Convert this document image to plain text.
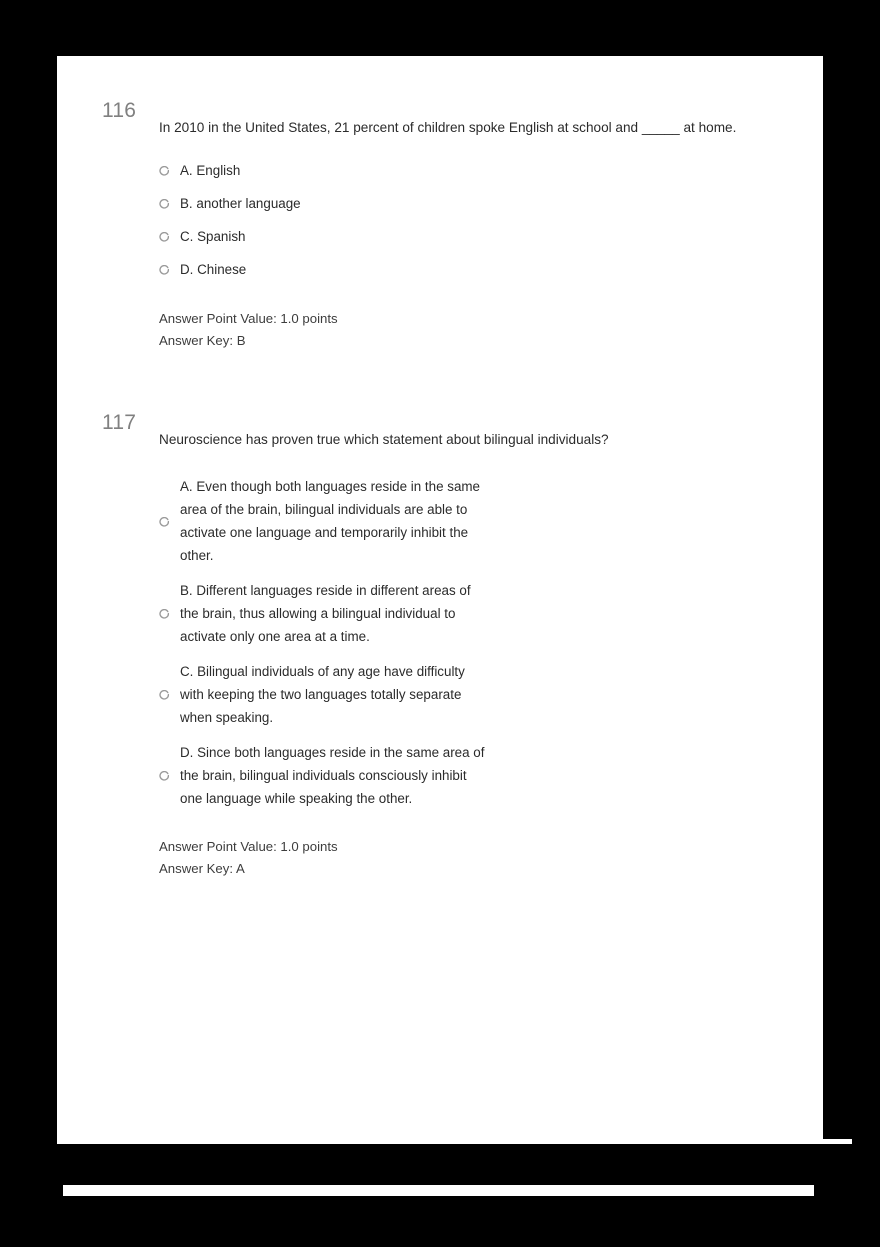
116
In 2010 in the United States, 21 percent of children spoke English at school and _____ at home.
A. English
B. another language
C. Spanish
D. Chinese
Answer Point Value: 1.0 points
Answer Key: B
117
Neuroscience has proven true which statement about bilingual individuals?
A. Even though both languages reside in the same area of the brain, bilingual individuals are able to activate one language and temporarily inhibit the other.
B. Different languages reside in different areas of the brain, thus allowing a bilingual individual to activate only one area at a time.
C. Bilingual individuals of any age have difficulty with keeping the two languages totally separate when speaking.
D. Since both languages reside in the same area of the brain, bilingual individuals consciously inhibit one language while speaking the other.
Answer Point Value: 1.0 points
Answer Key: A
